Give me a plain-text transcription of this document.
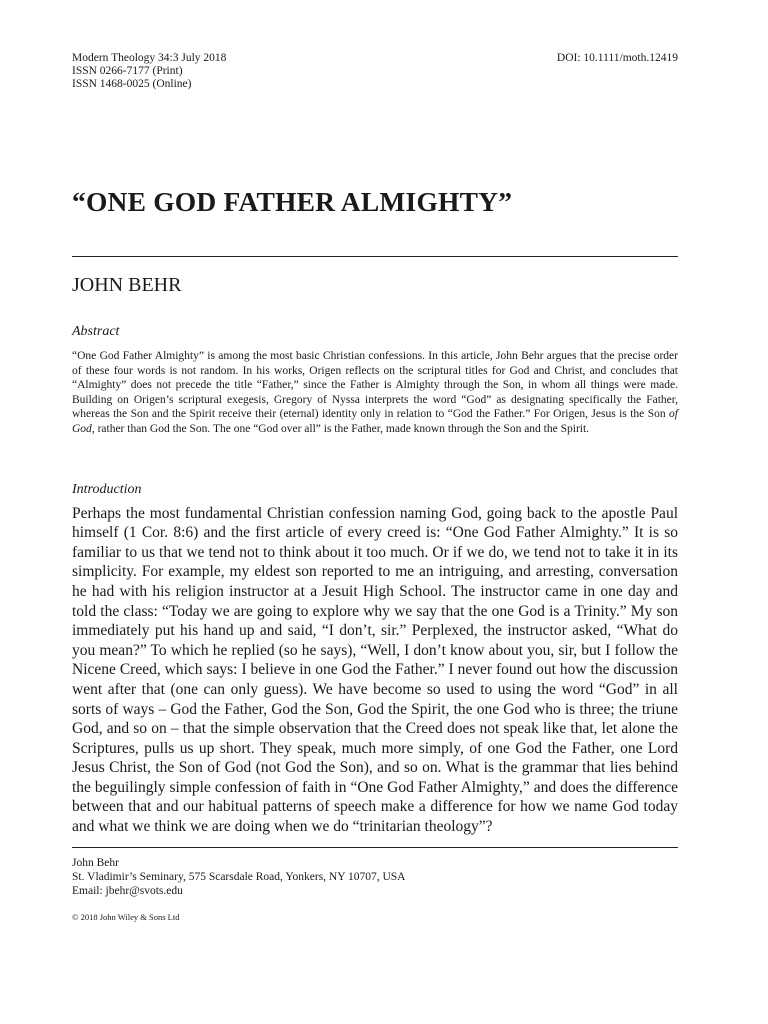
Modern Theology 34:3 July 2018
ISSN 0266-7177 (Print)
ISSN 1468-0025 (Online)
DOI: 10.1111/moth.12419
“ONE GOD FATHER ALMIGHTY”
JOHN BEHR
Abstract

“One God Father Almighty” is among the most basic Christian confessions. In this article, John Behr argues that the precise order of these four words is not random. In his works, Origen reflects on the scriptural titles for God and Christ, and concludes that “Almighty” does not precede the title “Father,” since the Father is Almighty through the Son, in whom all things were made. Building on Origen’s scriptural exegesis, Gregory of Nyssa interprets the word “God” as designating specifically the Father, whereas the Son and the Spirit receive their (eternal) identity only in relation to “God the Father.” For Origen, Jesus is the Son of God, rather than God the Son. The one “God over all” is the Father, made known through the Son and the Spirit.

Introduction

Perhaps the most fundamental Christian confession naming God, going back to the apostle Paul himself (1 Cor. 8:6) and the first article of every creed is: “One God Father Almighty.” It is so familiar to us that we tend not to think about it too much. Or if we do, we tend not to take it in its simplicity. For example, my eldest son reported to me an intriguing, and arresting, conversation he had with his religion instructor at a Jesuit High School. The instructor came in one day and told the class: “Today we are going to explore why we say that the one God is a Trinity.” My son immediately put his hand up and said, “I don’t, sir.” Perplexed, the instructor asked, “What do you mean?” To which he replied (so he says), “Well, I don’t know about you, sir, but I follow the Nicene Creed, which says: I believe in one God the Father.” I never found out how the discussion went after that (one can only guess). We have become so used to using the word “God” in all sorts of ways – God the Father, God the Son, God the Spirit, the one God who is three; the triune God, and so on – that the simple observation that the Creed does not speak like that, let alone the Scriptures, pulls us up short. They speak, much more simply, of one God the Father, one Lord Jesus Christ, the Son of God (not God the Son), and so on. What is the grammar that lies behind the beguilingly simple confession of faith in “One God Father Almighty,” and does the difference between that and our habitual patterns of speech make a difference for how we name God today and what we think we are doing when we do “trinitarian theology”?

John Behr
St. Vladimir’s Seminary, 575 Scarsdale Road, Yonkers, NY 10707, USA
Email: jbehr@svots.edu
© 2018 John Wiley & Sons Ltd
